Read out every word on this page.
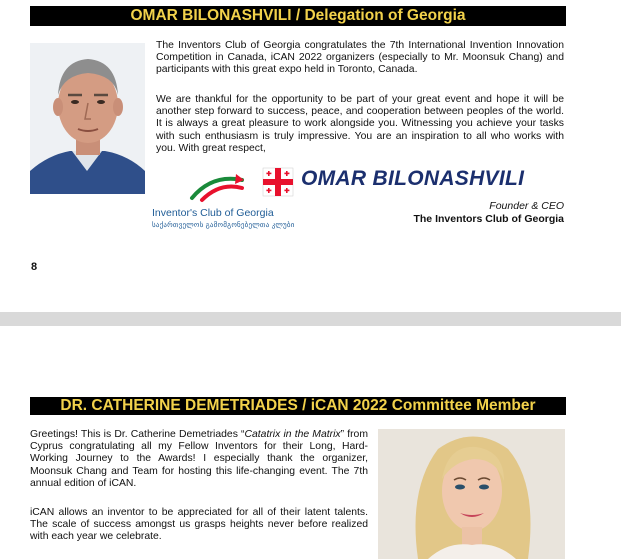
OMAR BILONASHVILI / Delegation of Georgia
The Inventors Club of Georgia congratulates the 7th International Invention Innovation Competition in Canada, iCAN 2022 organizers (especially to Mr. Moonsuk Chang) and participants with this great expo held in Toronto, Canada.
We are thankful for the opportunity to be part of your great event and hope it will be another step forward to success, peace, and cooperation between peoples of the world. It is always a great pleasure to work alongside you. Witnessing you achieve your tasks with such enthusiasm is truly impressive. You are an inspiration to all who works with you. With great respect,
Inventor's Club of Georgia
საქართველოს გამომგონებელთა კლუბი
OMAR BILONASHVILI
Founder & CEO
The Inventors Club of Georgia
8
DR. CATHERINE DEMETRIADES / iCAN 2022 Committee Member
Greetings! This is Dr. Catherine Demetriades “Catatrix in the Matrix” from Cyprus congratulating all my Fellow Inventors for their Long, Hard-Working Journey to the Awards! I especially thank the organizer, Moonsuk Chang and Team for hosting this life-changing event. The 7th annual edition of iCAN.
iCAN allows an inventor to be appreciated for all of their latent talents. The scale of success amongst us grasps heights never before realized with each year we celebrate.
